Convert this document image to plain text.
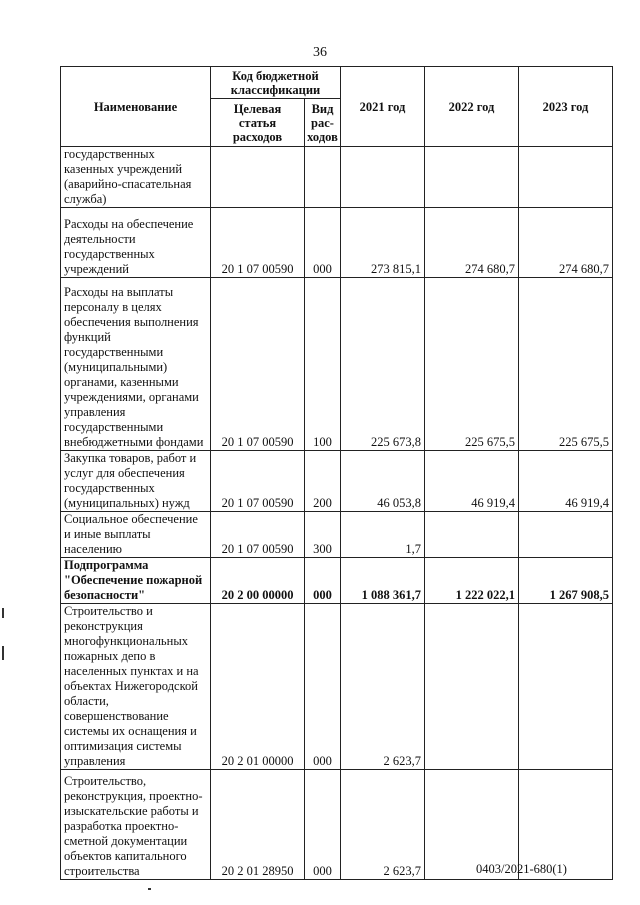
36
Наименование	Код бюджетной классификации		2021 год	2022 год	2023 год
	Целевая статья расходов	Вид рас-ходов			
государственных казенных учреждений (аварийно-спасательная служба)					
Расходы на обеспечение деятельности государственных учреждений	20 1 07 00590	000	273 815,1	274 680,7	274 680,7
Расходы на выплаты персоналу в целях обеспечения выполнения функций государственными (муниципальными) органами, казенными учреждениями, органами управления государственными внебюджетными фондами	20 1 07 00590	100	225 673,8	225 675,5	225 675,5
Закупка товаров, работ и услуг для обеспечения государственных (муниципальных) нужд	20 1 07 00590	200	46 053,8	46 919,4	46 919,4
Социальное обеспечение и иные выплаты населению	20 1 07 00590	300	1,7		
Подпрограмма "Обеспечение пожарной безопасности"	20 2 00 00000	000	1 088 361,7	1 222 022,1	1 267 908,5
Строительство и реконструкция многофункциональных пожарных депо в населенных пунктах и на объектах Нижегородской области, совершенствование системы их оснащения и оптимизация системы управления	20 2 01 00000	000	2 623,7		
Строительство, реконструкция, проектно-изыскательские работы и разработка проектно-сметной документации объектов капитального строительства	20 2 01 28950	000	2 623,7			0403/2021-680(1)
